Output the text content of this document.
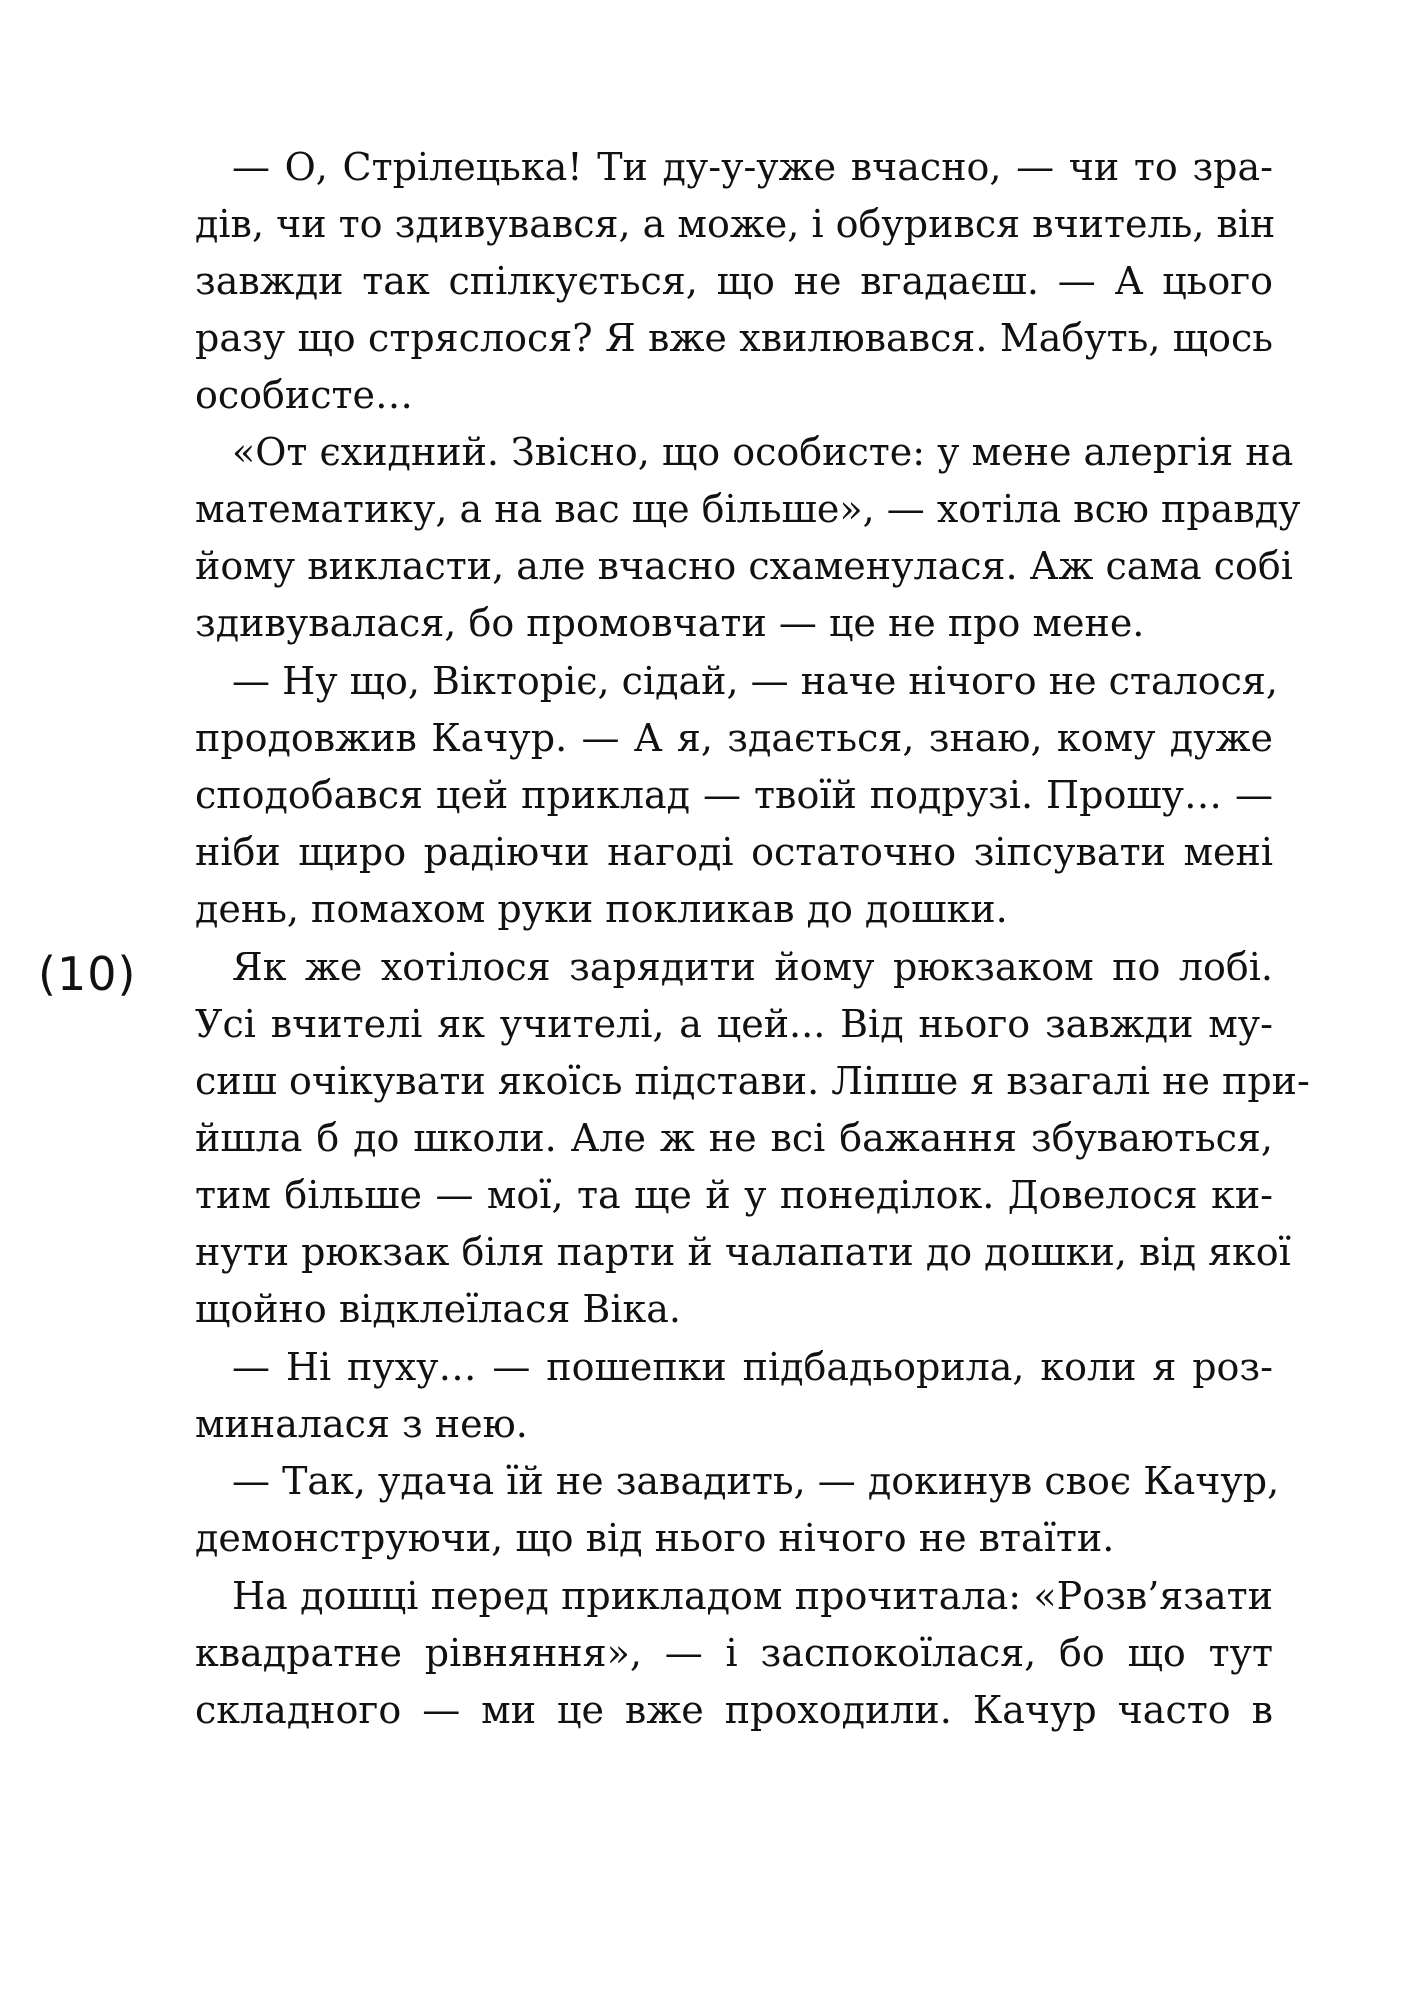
(10)
— О, Стрілецька! Ти ду-у-уже вчасно, — чи то зра-
дів, чи то здивувався, а може, і обурився вчитель, він
завжди так спілкується, що не вгадаєш. — А цього
разу що стряслося? Я вже хвилювався. Мабуть, щось
особисте…
«От єхидний. Звісно, що особисте: у мене алергія на
математику, а на вас ще більше», — хотіла всю правду
йому викласти, але вчасно схаменулася. Аж сама собі
здивувалася, бо промовчати — це не про мене.
— Ну що, Вікторіє, сідай, — наче нічого не сталося,
продовжив Качур. — А я, здається, знаю, кому дуже
сподобався цей приклад — твоїй подрузі. Прошу… —
ніби щиро радіючи нагоді остаточно зіпсувати мені
день, помахом руки покликав до дошки.
Як же хотілося зарядити йому рюкзаком по лобі.
Усі вчителі як учителі, а цей... Від нього завжди му-
сиш очікувати якоїсь підстави. Ліпше я взагалі не при-
йшла б до школи. Але ж не всі бажання збуваються,
тим більше — мої, та ще й у понеділок. Довелося ки-
нути рюкзак біля парти й чалапати до дошки, від якої
щойно відклеїлася Віка.
— Ні пуху… — пошепки підбадьорила, коли я роз-
миналася з нею.
— Так, удача їй не завадить, — докинув своє Качур,
демонструючи, що від нього нічого не втаїти.
На дошці перед прикладом прочитала: «Розв’язати
квадратне рівняння», — і заспокоїлася, бо що тут
складного — ми це вже проходили. Качур часто в
